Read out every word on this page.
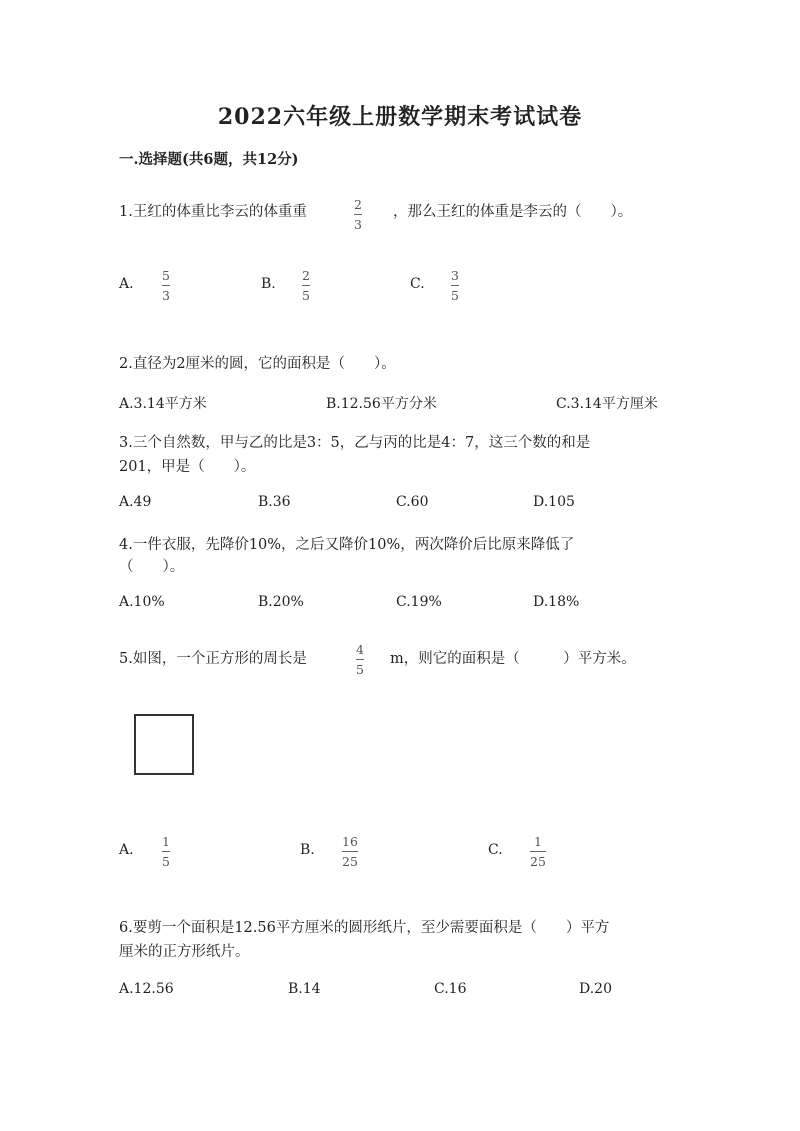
2022六年级上册数学期末考试试卷
一.选择题(共6题，共12分)
1.王红的体重比李云的体重重	2
3
，那么王红的体重是李云的（　　）。
A.
5
3
B.
2
5
C.
3
5
2.直径为2厘米的圆，它的面积是（　　）。
A.3.14平方米	B.12.56平方分米	C.3.14平方厘米
3.三个自然数，甲与乙的比是3：5，乙与丙的比是4：7，这三个数的和是
201，甲是（　　）。
A.49	B.36	C.60	D.105
4.一件衣服，先降价10%，之后又降价10%，两次降价后比原来降低了
（　　）。
A.10%	B.20%	C.19%	D.18%
5.如图，一个正方形的周长是
4
5
m，则它的面积是（　　　）平方米。
A.
1
5
B.
16
25
C.
1
25
6.要剪一个面积是12.56平方厘米的圆形纸片，至少需要面积是（　　）平方
厘米的正方形纸片。
A.12.56	B.14	C.16	D.20
